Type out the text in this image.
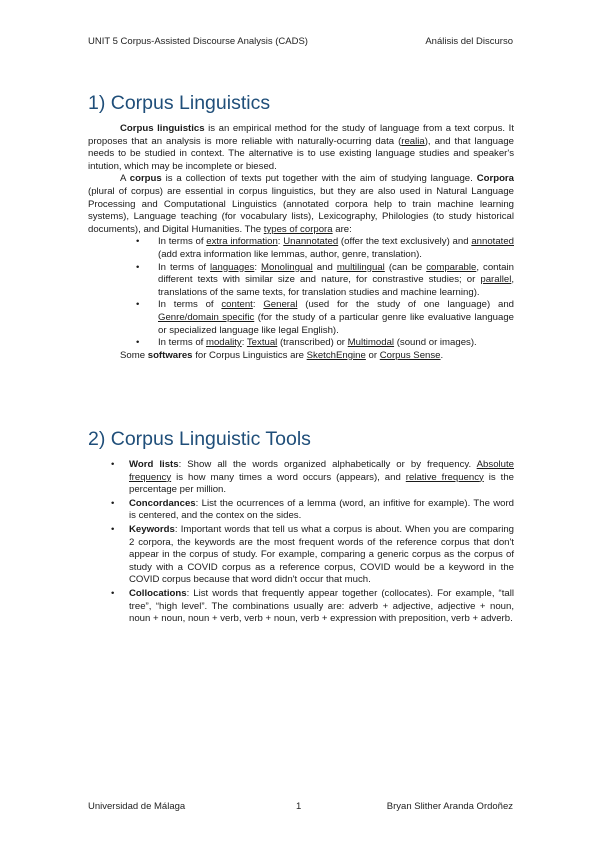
UNIT 5 Corpus-Assisted Discourse Analysis (CADS)	Análisis del Discurso
1) Corpus Linguistics

Corpus linguistics is an empirical method for the study of language from a text corpus. It proposes that an analysis is more reliable with naturally-ocurring data (realia), and that language needs to be studied in context. The alternative is to use existing language studies and speaker's intution, which may be incomplete or biesed.

A corpus is a collection of texts put together with the aim of studying language. Corpora (plural of corpus) are essential in corpus linguistics, but they are also used in Natural Language Processing and Computational Linguistics (annotated corpora help to train machine learning systems), Language teaching (for vocabulary lists), Lexicography, Philologies (to study historical documents), and Digital Humanities. The types of corpora are:

• In terms of extra information: Unannotated (offer the text exclusively) and annotated (add extra information like lemmas, author, genre, translation).
• In terms of languages: Monolingual and multilingual (can be comparable, contain different texts with similar size and nature, for constrastive studies; or parallel, translations of the same texts, for translation studies and machine learning).
• In terms of content: General (used for the study of one language) and Genre/domain specific (for the study of a particular genre like evaluative language or specialized language like legal English).
• In terms of modality: Textual (transcribed) or Multimodal (sound or images).

Some softwares for Corpus Linguistics are SketchEngine or Corpus Sense.

2) Corpus Linguistic Tools
• Word lists: Show all the words organized alphabetically or by frequency. Absolute frequency is how many times a word occurs (appears), and relative frequency is the percentage per million.
• Concordances: List the ocurrences of a lemma (word, an infitive for example). The word is centered, and the contex on the sides.
• Keywords: Important words that tell us what a corpus is about. When you are comparing 2 corpora, the keywords are the most frequent words of the reference corpus that don't appear in the corpus of study. For example, comparing a generic corpus as the corpus of study with a COVID corpus as a reference corpus, COVID would be a keyword in the COVID corpus because that word didn't occur that much.
• Collocations: List words that frequently appear together (collocates). For example, “tall tree”, “high level”. The combinations usually are: adverb + adjective, adjective + noun, noun + noun, noun + verb, verb + noun, verb + expression with preposition, verb + adverb.
Universidad de Málaga	1	Bryan Slither Aranda Ordoñez
